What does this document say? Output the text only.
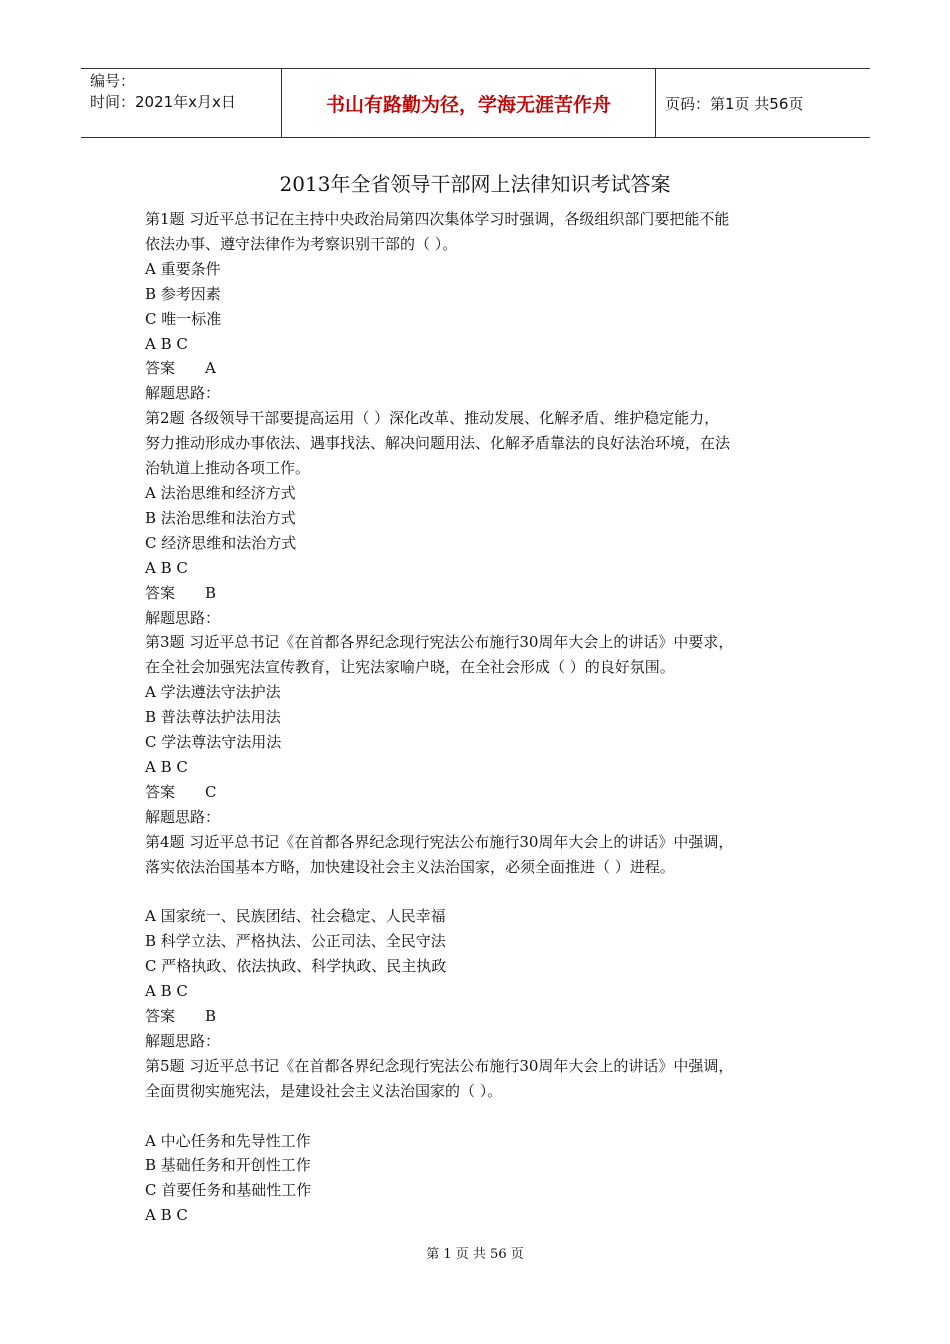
编号：
时间：2021年x月x日	书山有路勤为径，学海无涯苦作舟	页码：第1页 共56页
2013年全省领导干部网上法律知识考试答案
第1题 习近平总书记在主持中央政治局第四次集体学习时强调，各级组织部门要把能不能
依法办事、遵守法律作为考察识别干部的（ ）。
A 重要条件
B 参考因素
C 唯一标准
A B C
答案　　A
解题思路：
第2题 各级领导干部要提高运用（ ）深化改革、推动发展、化解矛盾、维护稳定能力，
努力推动形成办事依法、遇事找法、解决问题用法、化解矛盾靠法的良好法治环境，在法
治轨道上推动各项工作。
A 法治思维和经济方式
B 法治思维和法治方式
C 经济思维和法治方式
A B C
答案　　B
解题思路：
第3题 习近平总书记《在首都各界纪念现行宪法公布施行30周年大会上的讲话》中要求，
在全社会加强宪法宣传教育，让宪法家喻户晓，在全社会形成（ ）的良好氛围。
A 学法遵法守法护法
B 普法尊法护法用法
C 学法尊法守法用法
A B C
答案　　C
解题思路：
第4题 习近平总书记《在首都各界纪念现行宪法公布施行30周年大会上的讲话》中强调，
落实依法治国基本方略，加快建设社会主义法治国家，必须全面推进（ ）进程。
A 国家统一、民族团结、社会稳定、人民幸福
B 科学立法、严格执法、公正司法、全民守法
C 严格执政、依法执政、科学执政、民主执政
A B C
答案　　B
解题思路：
第5题 习近平总书记《在首都各界纪念现行宪法公布施行30周年大会上的讲话》中强调，
全面贯彻实施宪法，是建设社会主义法治国家的（ ）。
A 中心任务和先导性工作
B 基础任务和开创性工作
C 首要任务和基础性工作
A B C
第 1 页 共 56 页
